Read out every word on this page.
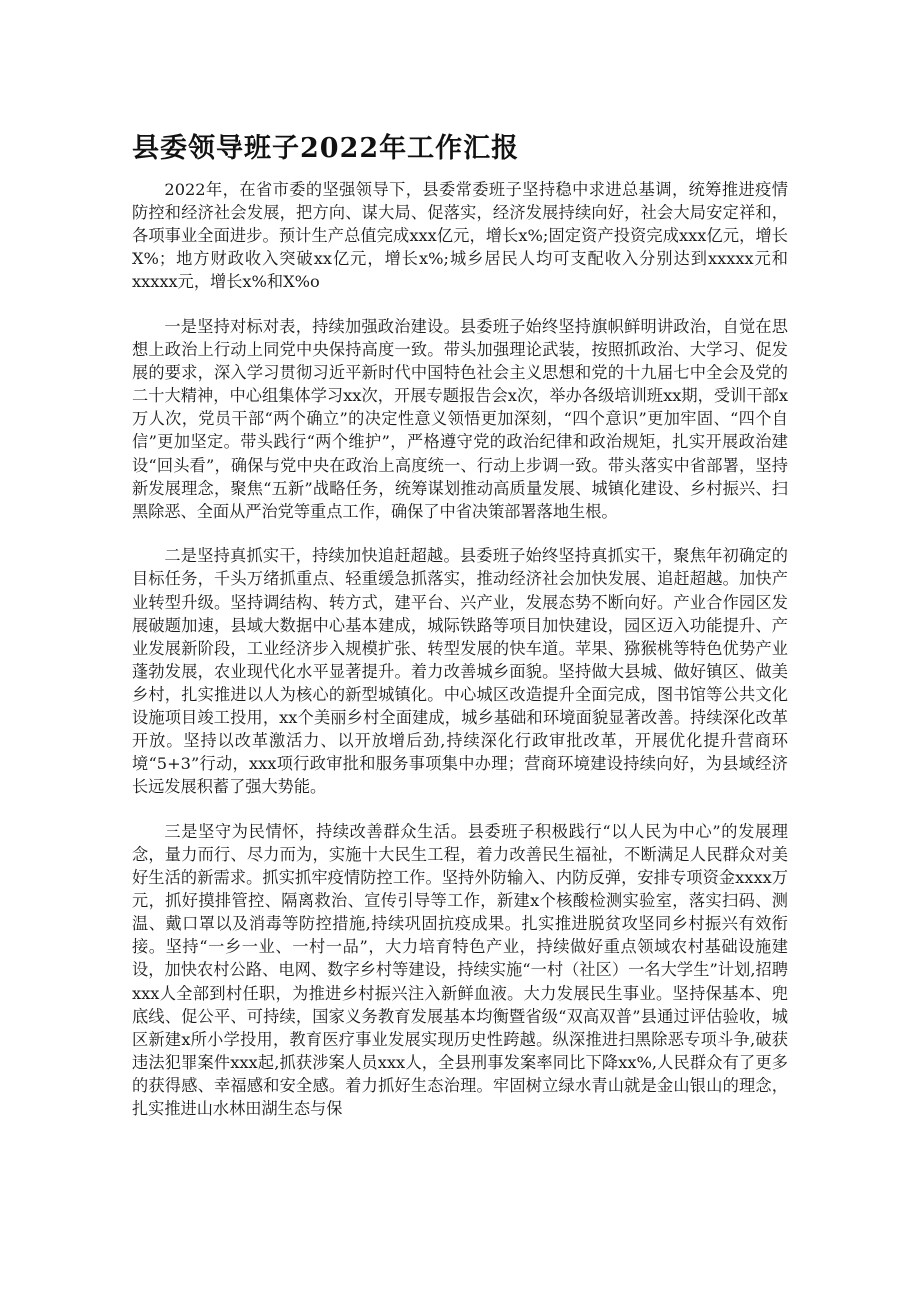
县委领导班子2022年工作汇报

2022年，在省市委的坚强领导下，县委常委班子坚持稳中求进总基调，统筹推进疫情防控和经济社会发展，把方向、谋大局、促落实，经济发展持续向好，社会大局安定祥和，各项事业全面进步。预计生产总值完成xxx亿元，增长x%;固定资产投资完成xxx亿元，增长X%；地方财政收入突破xx亿元，增长x%;城乡居民人均可支配收入分别达到xxxxx元和xxxxx元，增长x%和X%o

一是坚持对标对表，持续加强政治建设。县委班子始终坚持旗帜鲜明讲政治，自觉在思想上政治上行动上同党中央保持高度一致。带头加强理论武装，按照抓政治、大学习、促发展的要求，深入学习贯彻习近平新时代中国特色社会主义思想和党的十九届七中全会及党的二十大精神，中心组集体学习xx次，开展专题报告会x次，举办各级培训班xx期，受训干部x万人次，党员干部“两个确立”的决定性意义领悟更加深刻，“四个意识”更加牢固、“四个自信”更加坚定。带头践行“两个维护”，严格遵守党的政治纪律和政治规矩，扎实开展政治建设“回头看”，确保与党中央在政治上高度统一、行动上步调一致。带头落实中省部署，坚持新发展理念，聚焦“五新”战略任务，统筹谋划推动高质量发展、城镇化建设、乡村振兴、扫黑除恶、全面从严治党等重点工作，确保了中省决策部署落地生根。

二是坚持真抓实干，持续加快追赶超越。县委班子始终坚持真抓实干，聚焦年初确定的目标任务，千头万绪抓重点、轻重缓急抓落实，推动经济社会加快发展、追赶超越。加快产业转型升级。坚持调结构、转方式，建平台、兴产业，发展态势不断向好。产业合作园区发展破题加速，县域大数据中心基本建成，城际铁路等项目加快建设，园区迈入功能提升、产业发展新阶段，工业经济步入规模扩张、转型发展的快车道。苹果、猕猴桃等特色优势产业蓬勃发展，农业现代化水平显著提升。着力改善城乡面貌。坚持做大县城、做好镇区、做美乡村，扎实推进以人为核心的新型城镇化。中心城区改造提升全面完成，图书馆等公共文化设施项目竣工投用，xx个美丽乡村全面建成，城乡基础和环境面貌显著改善。持续深化改革开放。坚持以改革激活力、以开放增后劲,持续深化行政审批改革，开展优化提升营商环境“5+3”行动，xxx项行政审批和服务事项集中办理；营商环境建设持续向好，为县域经济长远发展积蓄了强大势能。

三是坚守为民情怀，持续改善群众生活。县委班子积极践行“以人民为中心”的发展理念，量力而行、尽力而为，实施十大民生工程，着力改善民生福祉，不断满足人民群众对美好生活的新需求。抓实抓牢疫情防控工作。坚持外防输入、内防反弹，安排专项资金xxxx万元，抓好摸排管控、隔离救治、宣传引导等工作，新建x个核酸检测实验室，落实扫码、测温、戴口罩以及消毒等防控措施,持续巩固抗疫成果。扎实推进脱贫攻坚同乡村振兴有效衔接。坚持“一乡一业、一村一品”，大力培育特色产业，持续做好重点领域农村基础设施建设，加快农村公路、电网、数字乡村等建设，持续实施“一村（社区）一名大学生”计划,招聘xxx人全部到村任职，为推进乡村振兴注入新鲜血液。大力发展民生事业。坚持保基本、兜底线、促公平、可持续，国家义务教育发展基本均衡暨省级“双高双普”县通过评估验收，城区新建x所小学投用，教育医疗事业发展实现历史性跨越。纵深推进扫黑除恶专项斗争,破获违法犯罪案件xxx起,抓获涉案人员xxx人，全县刑事发案率同比下降xx%,人民群众有了更多的获得感、幸福感和安全感。着力抓好生态治理。牢固树立绿水青山就是金山银山的理念，扎实推进山水林田湖生态与保
